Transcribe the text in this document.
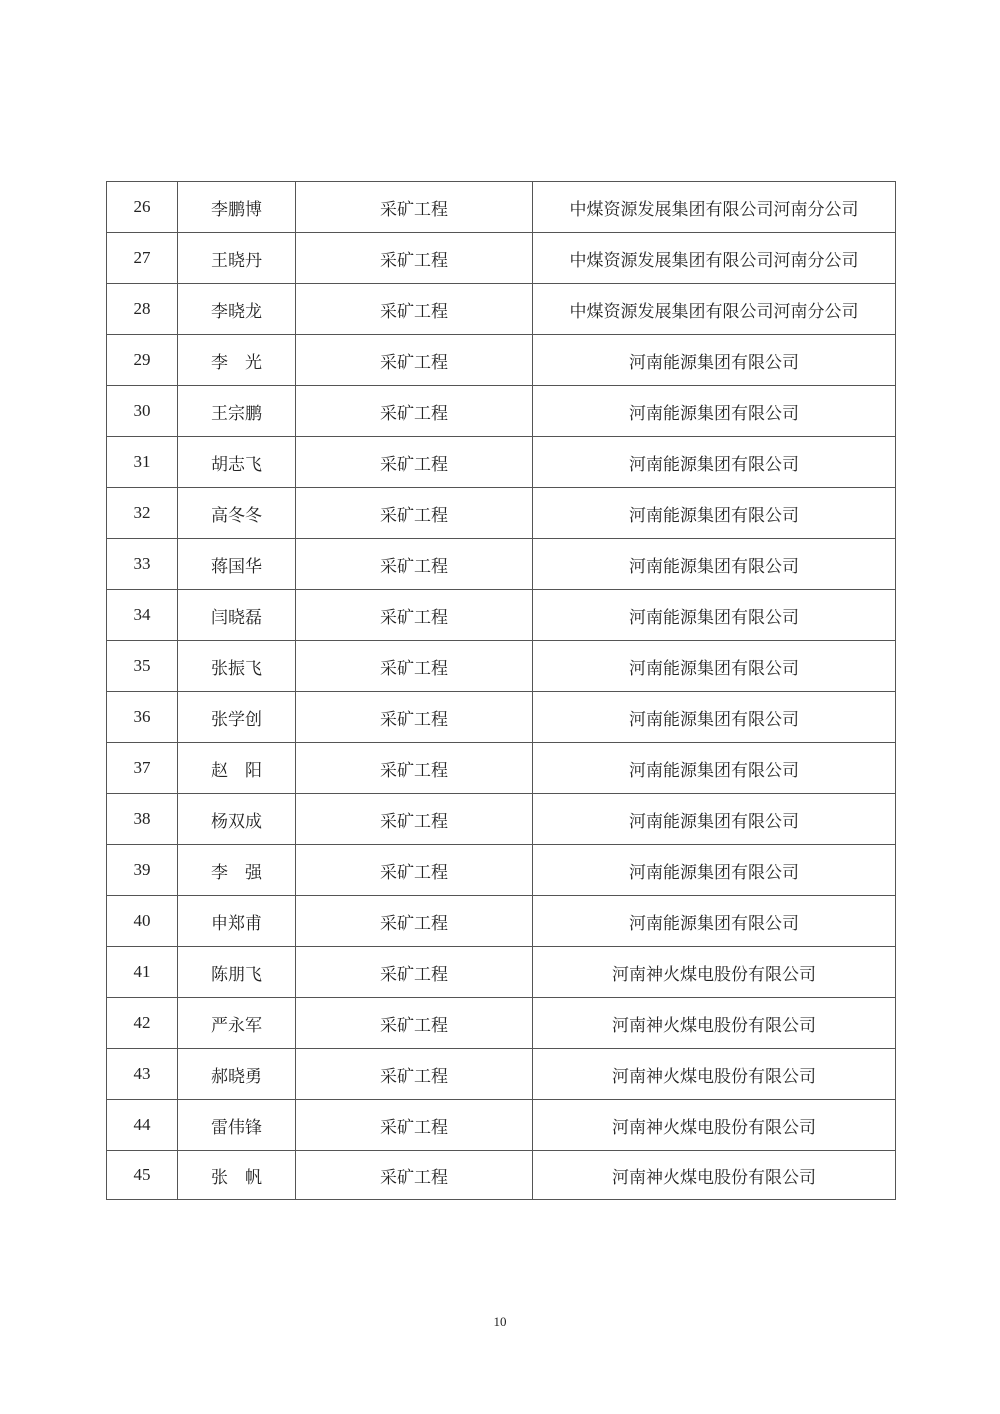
26	李鹏博	采矿工程	中煤资源发展集团有限公司河南分公司
27	王晓丹	采矿工程	中煤资源发展集团有限公司河南分公司
28	李晓龙	采矿工程	中煤资源发展集团有限公司河南分公司
29	李　光	采矿工程	河南能源集团有限公司
30	王宗鹏	采矿工程	河南能源集团有限公司
31	胡志飞	采矿工程	河南能源集团有限公司
32	高冬冬	采矿工程	河南能源集团有限公司
33	蒋国华	采矿工程	河南能源集团有限公司
34	闫晓磊	采矿工程	河南能源集团有限公司
35	张振飞	采矿工程	河南能源集团有限公司
36	张学创	采矿工程	河南能源集团有限公司
37	赵　阳	采矿工程	河南能源集团有限公司
38	杨双成	采矿工程	河南能源集团有限公司
39	李　强	采矿工程	河南能源集团有限公司
40	申郑甫	采矿工程	河南能源集团有限公司
41	陈朋飞	采矿工程	河南神火煤电股份有限公司
42	严永军	采矿工程	河南神火煤电股份有限公司
43	郝晓勇	采矿工程	河南神火煤电股份有限公司
44	雷伟锋	采矿工程	河南神火煤电股份有限公司
45	张　帆	采矿工程	河南神火煤电股份有限公司
10
